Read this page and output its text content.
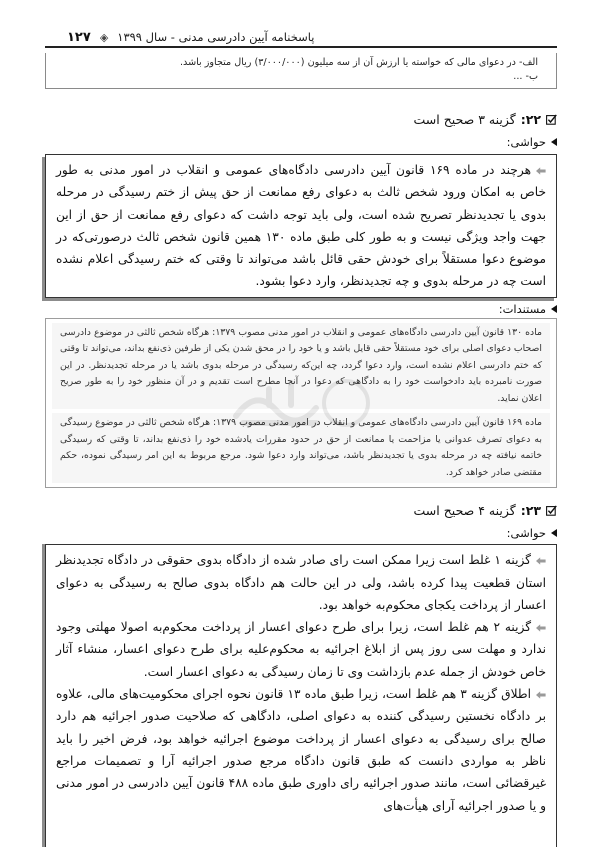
پاسخنامه آیین دادرسی مدنی - سال ۱۳۹۹
◈
۱۲۷
الف- در دعوای مالی که خواسته یا ارزش آن از سه میلیون (۳/۰۰۰/۰۰۰) ریال متجاوز باشد.
ب- ...
۲۲:
گزینه ۳ صحیح است
حواشی:

هرچند در ماده ۱۶۹ قانون آیین دادرسی دادگاه‌های عمومی و انقلاب در امور مدنی به طور خاص به امکان ورود شخص ثالث به دعوای رفع ممانعت از حق پیش از ختم رسیدگی در مرحله بدوی یا تجدیدنظر تصریح شده است، ولی باید توجه داشت که دعوای رفع ممانعت از حق از این جهت واجد ویژگی نیست و به طور کلی طبق ماده ۱۳۰ همین قانون شخص ثالث درصورتی‌که در موضوع دعوا مستقلاً برای خودش حقی قائل باشد می‌تواند تا وقتی که ختم رسیدگی اعلام نشده است چه در مرحله بدوی و چه تجدیدنظر، وارد دعوا بشود.

مستندات:

ماده ۱۳۰ قانون آیین دادرسی دادگاه‌های عمومی و انقلاب در امور مدنی مصوب ۱۳۷۹: هرگاه شخص ثالثی در موضوع دادرسی اصحاب دعوای اصلی برای خود مستقلاً حقی قایل باشد و یا خود را در محق شدن یکی از طرفین ذی‌نفع بداند، می‌تواند تا وقتی که ختم دادرسی اعلام نشده است، وارد دعوا گردد، چه این‌که رسیدگی در مرحله بدوی باشد یا در مرحله تجدیدنظر. در این صورت نامبرده باید دادخواست خود را به دادگاهی که دعوا در آنجا مطرح است تقدیم و در آن منظور خود را به طور صریح اعلان نماید.

ماده ۱۶۹ قانون آیین دادرسی دادگاه‌های عمومی و انقلاب در امور مدنی مصوب ۱۳۷۹: هرگاه شخص ثالثی در موضوع رسیدگی به دعوای تصرف عدوانی یا مزاحمت یا ممانعت از حق در حدود مقررات یادشده خود را ذی‌نفع بداند، تا وقتی که رسیدگی خاتمه نیافته چه در مرحله بدوی یا تجدیدنظر باشد، می‌تواند وارد دعوا شود. مرجع مربوط به این امر رسیدگی نموده، حکم مقتضی صادر خواهد کرد.

۲۳:
گزینه ۴ صحیح است
حواشی:

گزینه ۱ غلط است زیرا ممکن است رای صادر شده از دادگاه بدوی حقوقی در دادگاه تجدیدنظر استان قطعیت پیدا کرده باشد، ولی در این حالت هم دادگاه بدوی صالح به رسیدگی به دعوای اعسار از پرداخت یکجای محکوم‌به خواهد بود.

گزینه ۲ هم غلط است، زیرا برای طرح دعوای اعسار از پرداخت محکوم‌به اصولا مهلتی وجود ندارد و مهلت سی روز پس از ابلاغ اجرائیه به محکوم‌علیه برای طرح دعوای اعسار، منشاء آثار خاص خودش از جمله عدم بازداشت وی تا زمان رسیدگی به دعوای اعسار است.

اطلاق گزینه ۳ هم غلط است، زیرا طبق ماده ۱۳ قانون نحوه اجرای محکومیت‌های مالی، علاوه بر دادگاه نخستین رسیدگی کننده به دعوای اصلی، دادگاهی که صلاحیت صدور اجرائیه هم دارد صالح برای رسیدگی به دعوای اعسار از پرداخت موضوع اجرائیه خواهد بود، فرض اخیر را باید ناظر به مواردی دانست که طبق قانون دادگاه مرجع صدور اجرائیه آرا و تصمیمات مراجع غیرقضائی است، مانند صدور اجرائیه رای داوری طبق ماده ۴۸۸ قانون آیین دادرسی در امور مدنی و یا صدور اجرائیه آرای هیأت‌های
